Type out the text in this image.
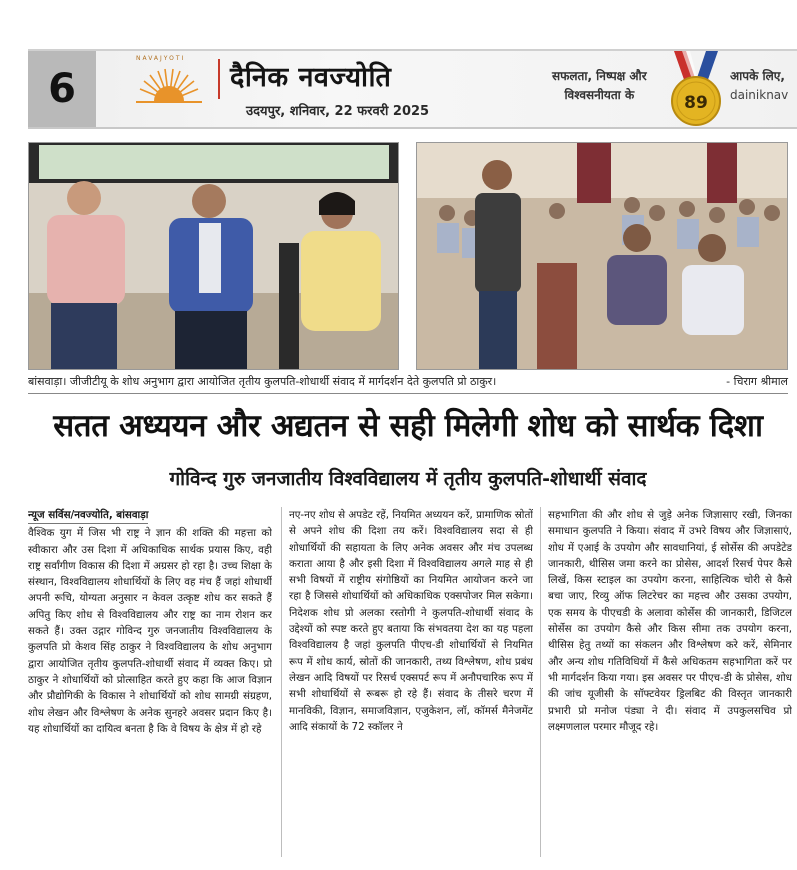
6
NAVAJYOTI
दैनिक नवज्योति
उदयपुर, शनिवार, 22 फरवरी 2025
सफलता, निष्पक्ष और
विश्वसनीयता के	89
आपके लिए,
dainiknav
बांसवाड़ा। जीजीटीयू के शोध अनुभाग द्वारा आयोजित तृतीय कुलपति-शोधार्थी संवाद में मार्गदर्शन देते कुलपति प्रो ठाकुर।	- चिराग श्रीमाल
सतत अध्ययन और अद्यतन से सही मिलेगी शोध को सार्थक दिशा
गोविन्द गुरु जनजातीय विश्वविद्यालय में तृतीय कुलपति-शोधार्थी संवाद
न्यूज सर्विस/नवज्योति, बांसवाड़ा
वैश्विक युग में जिस भी राष्ट्र ने ज्ञान की शक्ति की महत्ता को स्वीकारा और उस दिशा में अधिकाधिक सार्थक प्रयास किए, वही राष्ट्र सर्वांगीण विकास की दिशा में अग्रसर हो रहा है। उच्च शिक्षा के संस्थान, विश्वविद्यालय शोधार्थियों के लिए वह मंच हैं जहां शोधार्थी अपनी रूचि, योग्यता अनुसार न केवल उत्कृष्ट शोध कर सकते हैं अपितु किए शोध से विश्वविद्यालय और राष्ट्र का नाम रोशन कर सकते हैं। उक्त उद्गार गोविन्द गुरु जनजातीय विश्वविद्यालय के कुलपति प्रो केशव सिंह ठाकुर ने विश्वविद्यालय के शोध अनुभाग द्वारा आयोजित तृतीय कुलपति-शोधार्थी संवाद में व्यक्त किए। प्रो ठाकुर ने शोधार्थियों को प्रोत्साहित करते हुए कहा कि आज विज्ञान और प्रौद्योगिकी के विकास ने शोधार्थियों को शोध सामग्री संग्रहण, शोध लेखन और विश्लेषण के अनेक सुनहरे अवसर प्रदान किए है। यह शोधार्थियों का दायित्व बनता है कि वे विषय के क्षेत्र में हो रहे
नए-नए शोध से अपडेट रहें, नियमित अध्ययन करें, प्रामाणिक स्रोतों से अपने शोध की दिशा तय करें। विश्वविद्यालय सदा से ही शोधार्थियों की सहायता के लिए अनेक अवसर और मंच उपलब्ध कराता आया है और इसी दिशा में विश्वविद्यालय अगले माह से ही सभी विषयों में राष्ट्रीय संगोष्ठियों का नियमित आयोजन करने जा रहा है जिससे शोधार्थियों को अधिकाधिक एक्सपोजर मिल सकेगा। निदेशक शोध प्रो अलका रस्तोगी ने कुलपति-शोधार्थी संवाद के उद्देश्यों को स्पष्ट करते हुए बताया कि संभवतया देश का यह पहला विश्वविद्यालय है जहां कुलपति पीएच-डी शोधार्थियों से नियमित रूप में शोध कार्य, स्रोतों की जानकारी, तथ्य विश्लेषण, शोध प्रबंध लेखन आदि विषयों पर रिसर्च एक्सपर्ट रूप में अनौपचारिक रूप में सभी शोधार्थियों से रूबरू हो रहे हैं। संवाद के तीसरे चरण में मानविकी, विज्ञान, समाजविज्ञान, एजुकेशन, लॉ, कॉमर्स मैनेजमेंट आदि संकायों के 72 स्कॉलर ने
सहभागिता की और शोध से जुड़े अनेक जिज्ञासाए रखी, जिनका समाधान कुलपति ने किया। संवाद में उभरे विषय और जिज्ञासाएं, शोध में एआई के उपयोग और सावधानियां, ई सोर्सेस की अपडेटेड जानकारी, थीसिस जमा करने का प्रोसेस, आदर्श रिसर्च पेपर कैसे लिखें, किस स्टाइल का उपयोग करना, साहित्यिक चोरी से कैसे बचा जाए, रिव्यु ऑफ लिटरेचर का महत्त्व और उसका उपयोग, एक समय के पीएचडी के अलावा कोर्सेस की जानकारी, डिजिटल सोर्सेस का उपयोग कैसे और किस सीमा तक उपयोग करना, थीसिस हेतु तथ्यों का संकलन और विश्लेषण करे करें, सेमिनार और अन्य शोध गतिविधियों में कैसे अधिकतम सहभागिता करें पर भी मार्गदर्शन किया गया। इस अवसर पर पीएच-डी के प्रोसेस, शोध की जांच यूजीसी के सॉफ्टवेयर ड्रिलबिट की विस्तृत जानकारी प्रभारी प्रो मनोज पंड्या ने दी। संवाद में उपकुलसचिव प्रो लक्ष्मणलाल परमार मौजूद रहे।
